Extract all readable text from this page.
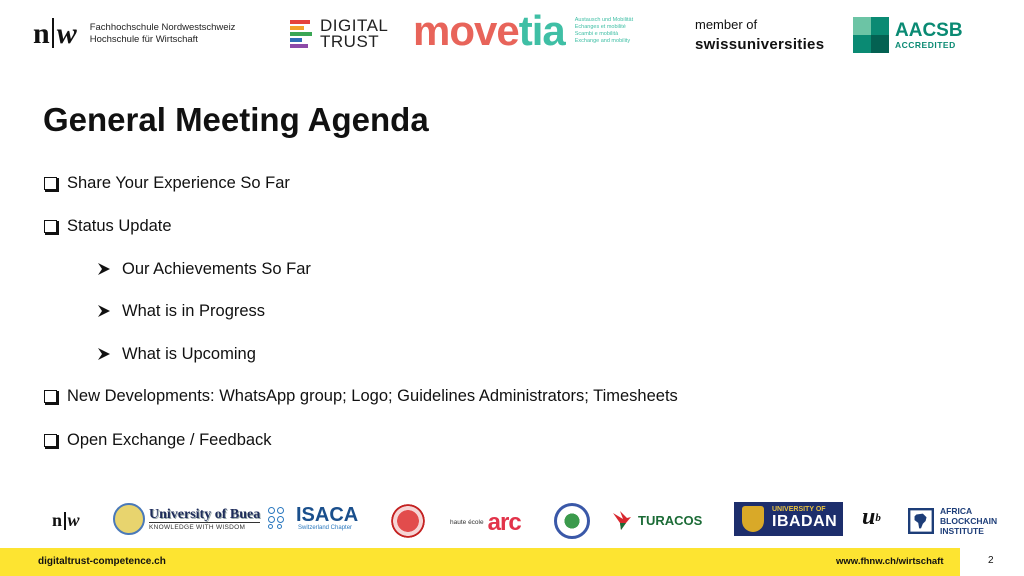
n w Fachhochschule Nordwestschweiz
Hochschule für Wirtschaft
DIGITAL
TRUST movetia Austausch und Mobilität
Echanges et mobilité
Scambi e mobilità
Exchange and mobility
member of
swissuniversities
AACSB
ACCREDITED
General Meeting Agenda
Share Your Experience So Far
Status Update
Our Achievements So Far
What is in Progress
What is Upcoming
New Developments: WhatsApp group; Logo; Guidelines Administrators; Timesheets
Open Exchange / Feedback
n w	University of Buea
KNOWLEDGE WITH WISDOM
ISACA
Switzerland Chapter
haute école arc	TURACOS
UNIVERSITY OF
IBADAN u b
AFRICA
BLOCKCHAIN
INSTITUTE
digitaltrust-competence.ch	www.fhnw.ch/wirtschaft	2
